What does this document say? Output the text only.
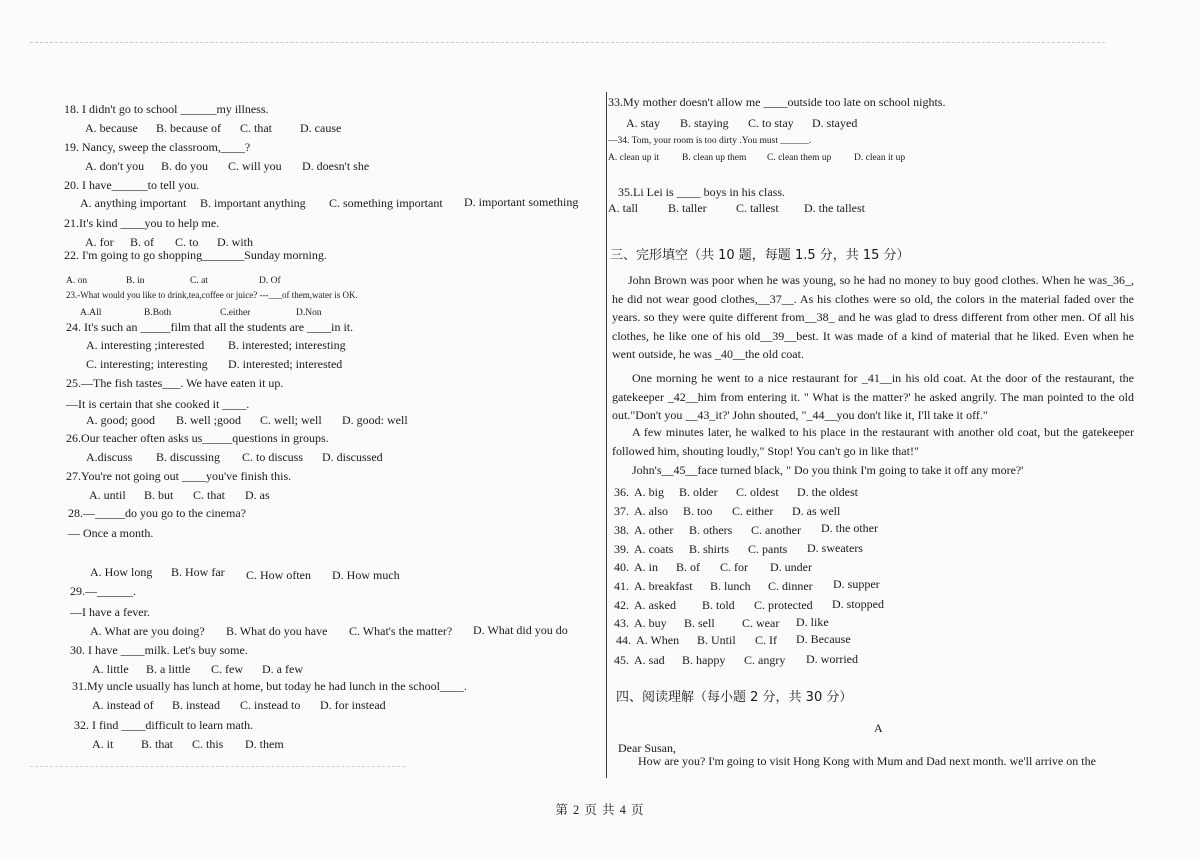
18. I didn't go to school ______my illness.
A. because B. because of C. that D. cause
19. Nancy, sweep the classroom,____?
A. don't you B. do you C. will you D. doesn't she
20. I have______to tell you.
A. anything important B. important anything C. something important D. important something
21.It's kind ____you to help me.
A. for B. of C. to D. with
22. I'm going to go shopping_______Sunday morning.
A. on	B. in	C. at	D. Of
23.-What would you like to drink,tea,coffee or juice? ---___of them,water is OK.
A.All	B.Both	C.either	D.Non
24. It's such an _____film that all the students are ____in it.
A. interesting ;interested B. interested; interesting
C. interesting; interesting D. interested; interested
25.—The fish tastes___. We have eaten it up.
—It is certain that she cooked it ____.
A. good; good B. well ;good C. well; well D. good: well
26.Our teacher often asks us_____questions in groups.
A.discuss B. discussing C. to discuss D. discussed
27.You're not going out ____you've finish this.
A. until B. but C. that D. as
28.—_____do you go to the cinema?
— Once a month.
A. How long B. How far C. How often D. How much
29.—______.
—I have a fever.
A. What are you doing? B. What do you have C. What's the matter? D. What did you do
30. I have ____milk. Let's buy some.
A. little B. a little C. few D. a few
31.My uncle usually has lunch at home, but today he had lunch in the school____.
A. instead of B. instead C. instead to D. for instead
32. I find ____difficult to learn math.
A. it B. that C. this D. them
33.My mother doesn't allow me ____outside too late on school nights.
A. stay B. staying C. to stay D. stayed
—34. Tom, your room is too dirty .You must ______.
A. clean up it B. clean up them C. clean them up D. clean it up
35.Li Lei is ____ boys in his class.
A. tall	B. taller C. tallest D. the tallest
三、完形填空（共 10 题，每题 1.5 分，共 15 分）
John Brown was poor when he was young, so he had no money to buy good clothes. When he was_36_, he did not wear good clothes,__37__. As his clothes were so old, the colors in the material faded over the years. so they were quite different from__38_ and he was glad to dress different from other men. Of all his clothes, he like one of his old__39__best. It was made of a kind of material that he liked. Even when he went outside, he was _40__the old coat.
One morning he went to a nice restaurant for _41__in his old coat. At the door of the restaurant, the gatekeeper _42__him from entering it. " What is the matter?' he asked angrily. The man pointed to the old out."Don't you __43_it?' John shouted, "_44__you don't like it, I'll take it off."
A few minutes later, he walked to his place in the restaurant with another old coat, but the gatekeeper followed him, shouting loudly," Stop! You can't go in like that!"
John's__45__face turned black, " Do you think I'm going to take it off any more?'
36. A. big B. older C. oldest D. the oldest
37. A. also B. too C. either D. as well
38. A. other B. others C. another D. the other
39. A. coats B. shirts C. pants D. sweaters
40. A. in B. of C. for D. under
41. A. breakfast B. lunch C. dinner D. supper
42. A. asked B. told C. protected D. stopped
43. A. buy B. sell C. wear D. like
44. A. When B. Until C. If D. Because
45. A. sad B. happy C. angry D. worried
四、阅读理解（每小题 2 分，共 30 分）
A
Dear Susan,
How are you? I'm going to visit Hong Kong with Mum and Dad next month. we'll arrive on the
第 2 页 共 4 页
